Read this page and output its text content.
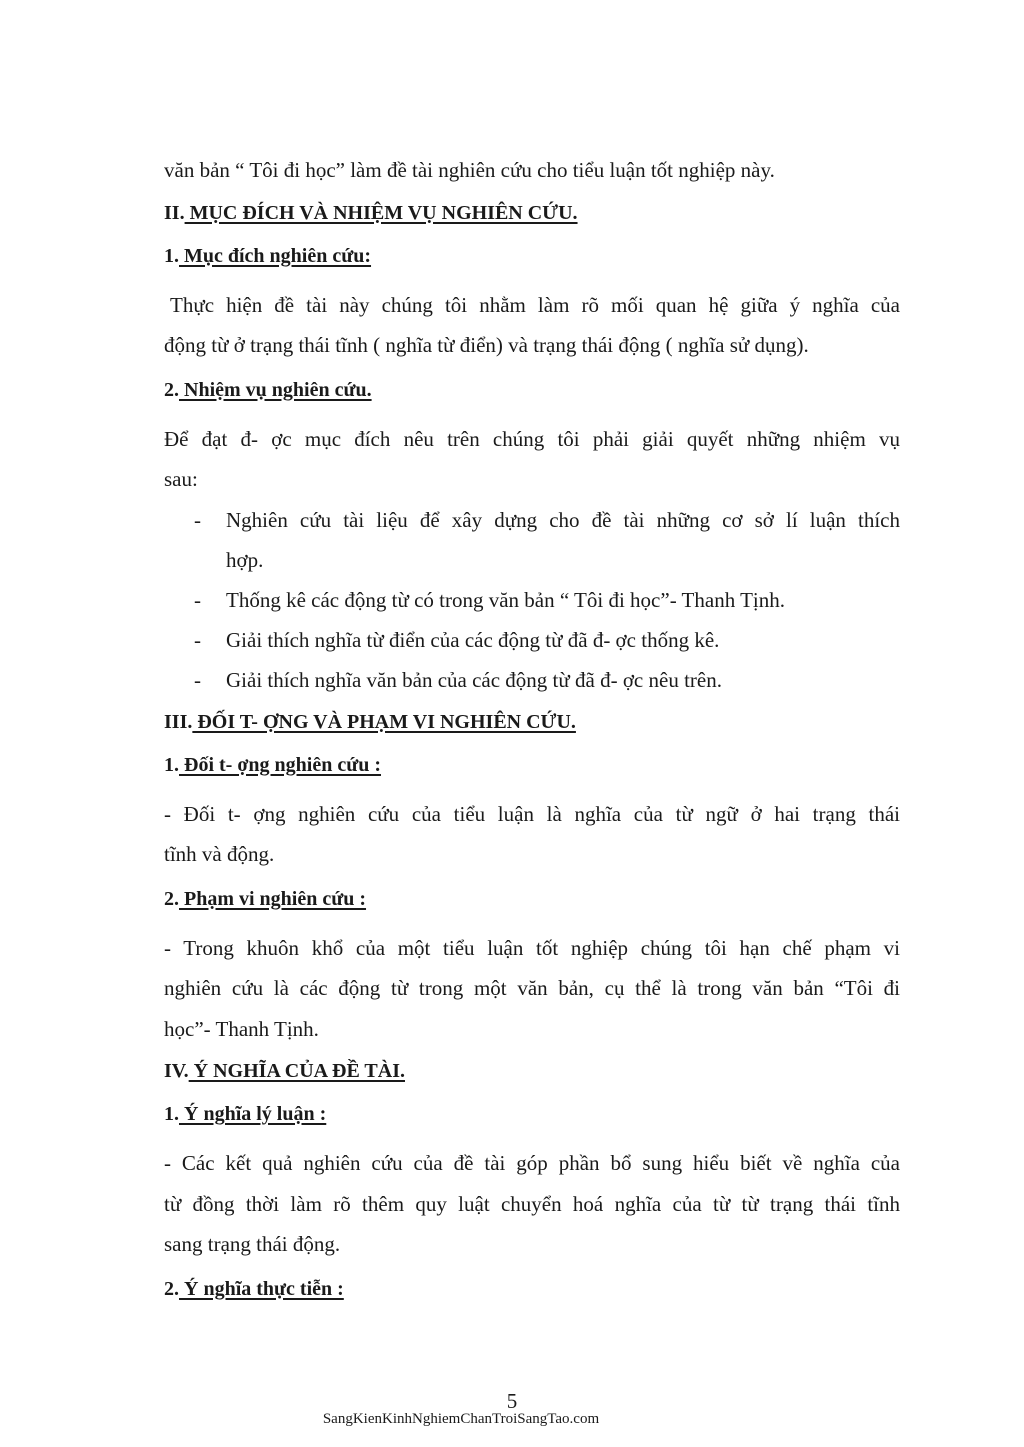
văn bản “ Tôi đi học” làm đề tài nghiên cứu cho tiểu luận tốt nghiệp này.

II. MỤC ĐÍCH VÀ NHIỆM VỤ NGHIÊN CỨU.
1. Mục đích nghiên cứu:

Thực hiện đề tài này chúng tôi nhằm làm rõ mối quan hệ giữa ý nghĩa của

động từ ở trạng thái tĩnh ( nghĩa từ điển) và trạng thái động ( nghĩa sử dụng).

2. Nhiệm vụ nghiên cứu.

Để đạt đ- ợc mục đích nêu trên chúng tôi phải giải quyết những nhiệm vụ

sau:

- Nghiên cứu tài liệu để xây dựng cho đề tài những cơ sở lí luận thích
hợp.
- Thống kê các động từ có trong văn bản “ Tôi đi học”- Thanh Tịnh.
- Giải thích nghĩa từ điển của các động từ đã đ- ợc thống kê.
- Giải thích nghĩa văn bản của các động từ đã đ- ợc nêu trên.
III. ĐỐI T- ỢNG VÀ PHẠM VI NGHIÊN CỨU.
1. Đối t- ợng nghiên cứu :

- Đối t- ợng nghiên cứu của tiểu luận là nghĩa của từ ngữ ở hai trạng thái

tĩnh và động.

2. Phạm vi nghiên cứu :

- Trong khuôn khổ của một tiểu luận tốt nghiệp chúng tôi hạn chế phạm vi

nghiên cứu là các động từ trong một văn bản, cụ thể là trong văn bản “Tôi đi

học”- Thanh Tịnh.

IV. Ý NGHĨA CỦA ĐỀ TÀI.
1. Ý nghĩa lý luận :

- Các kết quả nghiên cứu của đề tài góp phần bổ sung hiểu biết về nghĩa của

từ đồng thời làm rõ thêm quy luật chuyển hoá nghĩa của từ từ trạng thái tĩnh

sang trạng thái động.

2. Ý nghĩa thực tiễn :
5
SangKienKinhNghiemChanTroiSangTao.com
